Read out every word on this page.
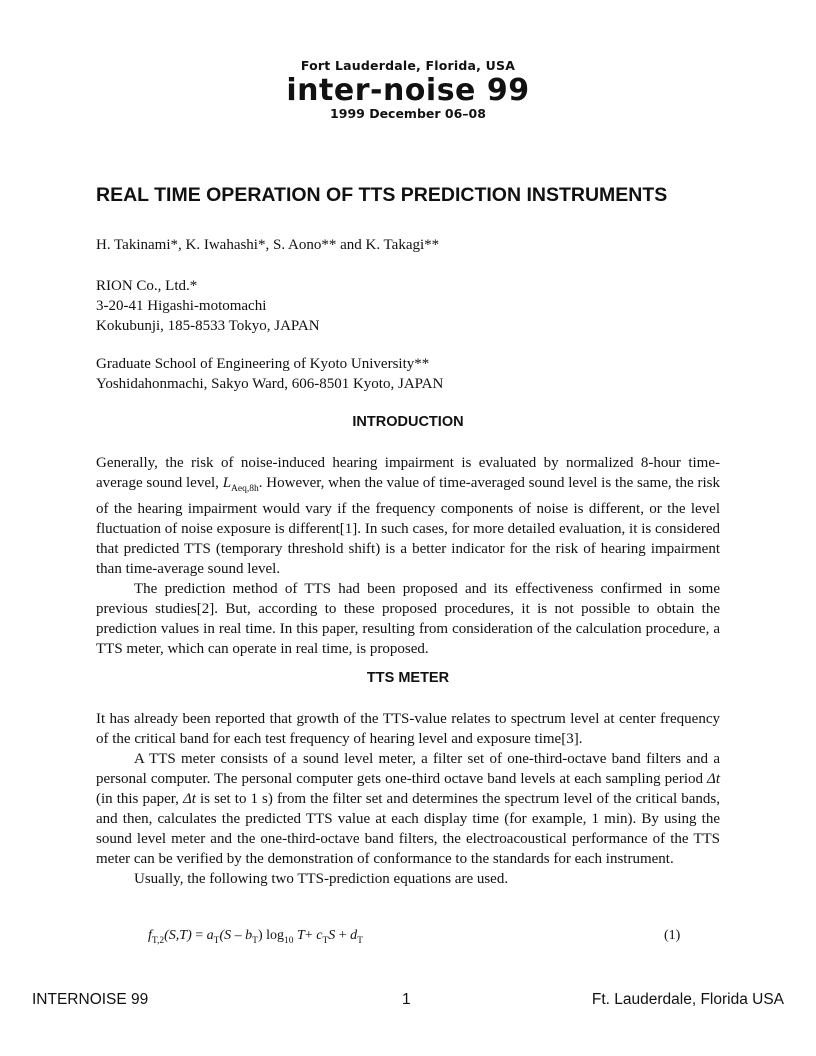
Fort Lauderdale, Florida, USA
inter-noise 99
1999 December 06–08
REAL TIME OPERATION OF TTS PREDICTION INSTRUMENTS
H. Takinami*, K. Iwahashi*, S. Aono** and K. Takagi**
RION Co., Ltd.*
3-20-41 Higashi-motomachi
Kokubunji, 185-8533 Tokyo, JAPAN
Graduate School of Engineering of Kyoto University**
Yoshidahonmachi, Sakyo Ward, 606-8501 Kyoto, JAPAN
INTRODUCTION

Generally, the risk of noise-induced hearing impairment is evaluated by normalized 8-hour time-average sound level, $L_{Aeq,8h}$. However, when the value of time-averaged sound level is the same, the risk of the hearing impairment would vary if the frequency components of noise is different, or the level fluctuation of noise exposure is different[1]. In such cases, for more detailed evaluation, it is considered that predicted TTS (temporary threshold shift) is a better indicator for the risk of hearing impairment than time-average sound level.

The prediction method of TTS had been proposed and its effectiveness confirmed in some previous studies[2]. But, according to these proposed procedures, it is not possible to obtain the prediction values in real time. In this paper, resulting from consideration of the calculation procedure, a TTS meter, which can operate in real time, is proposed.

TTS METER

It has already been reported that growth of the TTS-value relates to spectrum level at center frequency of the critical band for each test frequency of hearing level and exposure time[3].

A TTS meter consists of a sound level meter, a filter set of one-third-octave band filters and a personal computer. The personal computer gets one-third octave band levels at each sampling period Δt (in this paper, Δt is set to 1 s) from the filter set and determines the spectrum level of the critical bands, and then, calculates the predicted TTS value at each display time (for example, 1 min). By using the sound level meter and the one-third-octave band filters, the electroacoustical performance of the TTS meter can be verified by the demonstration of conformance to the standards for each instrument.

Usually, the following two TTS-prediction equations are used.

$f_{T,2}(S,T) = a_T(S - b_T)$ $\log_{10} T+ c_TS + d_T$	(1)
INTERNOISE 99	1	Ft. Lauderdale, Florida USA
